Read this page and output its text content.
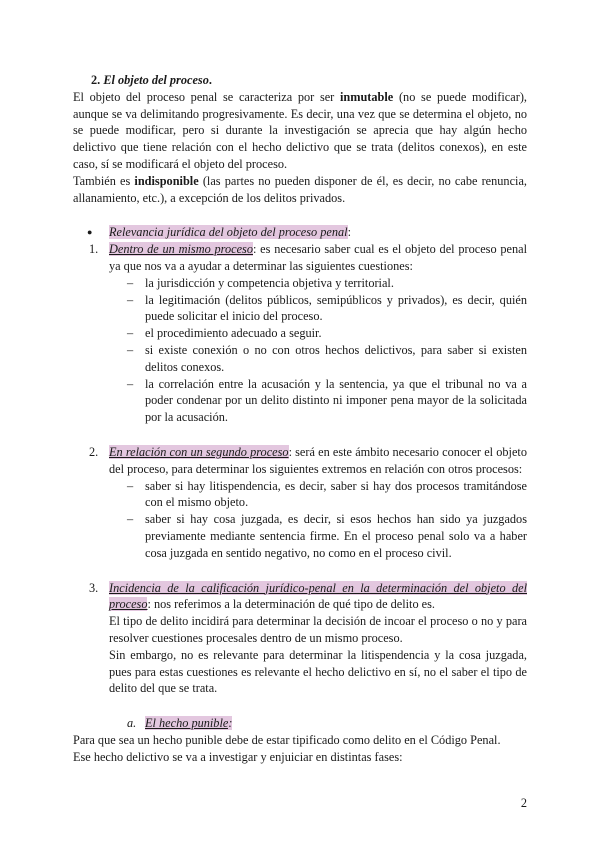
2. El objeto del proceso.

El objeto del proceso penal se caracteriza por ser inmutable (no se puede modificar), aunque se va delimitando progresivamente. Es decir, una vez que se determina el objeto, no se puede modificar, pero si durante la investigación se aprecia que hay algún hecho delictivo que tiene relación con el hecho delictivo que se trata (delitos conexos), en este caso, sí se modificará el objeto del proceso.

También es indisponible (las partes no pueden disponer de él, es decir, no cabe renuncia, allanamiento, etc.), a excepción de los delitos privados.

● Relevancia jurídica del objeto del proceso penal:
1. Dentro de un mismo proceso: es necesario saber cual es el objeto del proceso penal ya que nos va a ayudar a determinar las siguientes cuestiones:

– la jurisdicción y competencia objetiva y territorial.
– la legitimación (delitos públicos, semipúblicos y privados), es decir, quién puede solicitar el inicio del proceso.
– el procedimiento adecuado a seguir.
– si existe conexión o no con otros hechos delictivos, para saber si existen delitos conexos.
– la correlación entre la acusación y la sentencia, ya que el tribunal no va a poder condenar por un delito distinto ni imponer pena mayor de la solicitada por la acusación.
2. En relación con un segundo proceso: será en este ámbito necesario conocer el objeto del proceso, para determinar los siguientes extremos en relación con otros procesos:

– saber si hay litispendencia, es decir, saber si hay dos procesos tramitándose con el mismo objeto.
– saber si hay cosa juzgada, es decir, si esos hechos han sido ya juzgados previamente mediante sentencia firme. En el proceso penal solo va a haber cosa juzgada en sentido negativo, no como en el proceso civil.
3. Incidencia de la calificación jurídico-penal en la determinación del objeto del proceso: nos referimos a la determinación de qué tipo de delito es.

El tipo de delito incidirá para determinar la decisión de incoar el proceso o no y para resolver cuestiones procesales dentro de un mismo proceso.

Sin embargo, no es relevante para determinar la litispendencia y la cosa juzgada, pues para estas cuestiones es relevante el hecho delictivo en sí, no el saber el tipo de delito del que se trata.

a. El hecho punible:

Para que sea un hecho punible debe de estar tipificado como delito en el Código Penal.

Ese hecho delictivo se va a investigar y enjuiciar en distintas fases:

2
